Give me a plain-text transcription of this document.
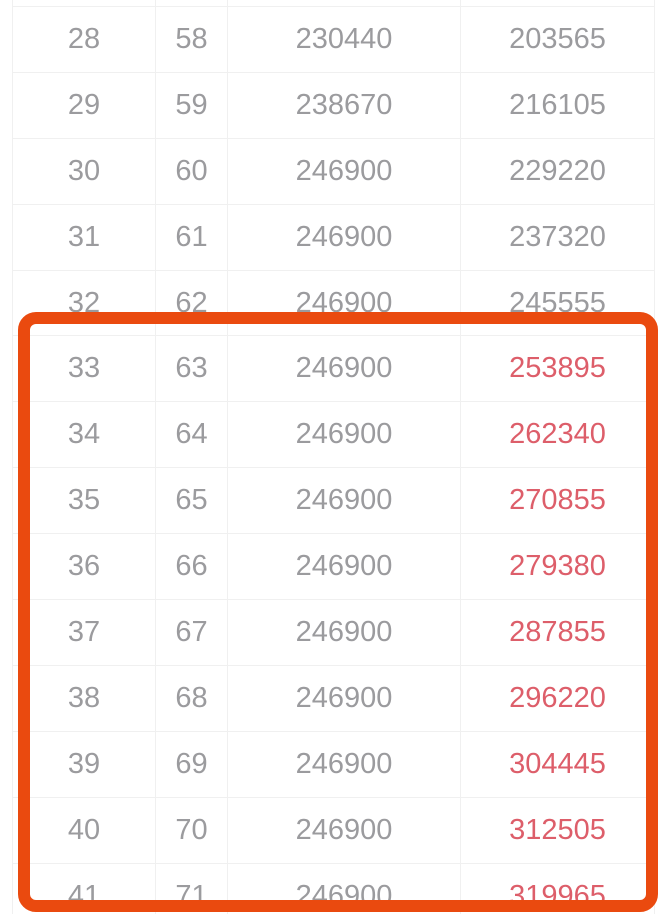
28	58	230440	203565
29	59	238670	216105
30	60	246900	229220
31	61	246900	237320
32	62	246900	245555
33	63	246900	253895
34	64	246900	262340
35	65	246900	270855
36	66	246900	279380
37	67	246900	287855
38	68	246900	296220
39	69	246900	304445
40	70	246900	312505
41	71	246900	319965
